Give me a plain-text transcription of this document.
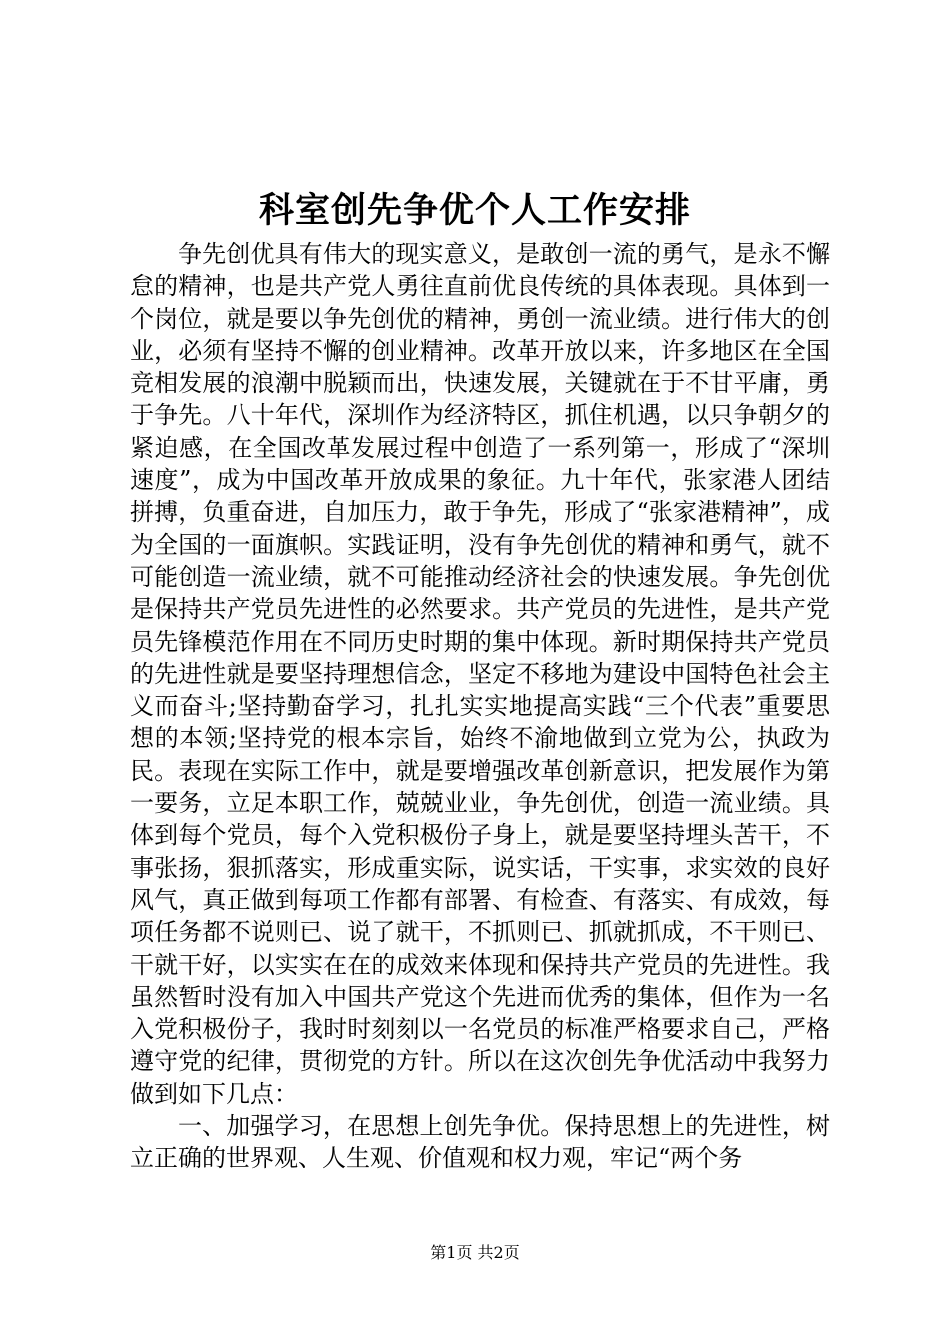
科室创先争优个人工作安排

争先创优具有伟大的现实意义，是敢创一流的勇气，是永不懈怠的精神，也是共产党人勇往直前优良传统的具体表现。具体到一个岗位，就是要以争先创优的精神，勇创一流业绩。进行伟大的创业，必须有坚持不懈的创业精神。改革开放以来，许多地区在全国竞相发展的浪潮中脱颖而出，快速发展，关键就在于不甘平庸，勇于争先。八十年代，深圳作为经济特区，抓住机遇，以只争朝夕的紧迫感，在全国改革发展过程中创造了一系列第一，形成了“深圳速度”，成为中国改革开放成果的象征。九十年代，张家港人团结拼搏，负重奋进，自加压力，敢于争先，形成了“张家港精神”，成为全国的一面旗帜。实践证明，没有争先创优的精神和勇气，就不可能创造一流业绩，就不可能推动经济社会的快速发展。争先创优是保持共产党员先进性的必然要求。共产党员的先进性，是共产党员先锋模范作用在不同历史时期的集中体现。新时期保持共产党员的先进性就是要坚持理想信念，坚定不移地为建设中国特色社会主义而奋斗;坚持勤奋学习，扎扎实实地提高实践“三个代表”重要思想的本领;坚持党的根本宗旨，始终不渝地做到立党为公，执政为民。表现在实际工作中，就是要增强改革创新意识，把发展作为第一要务，立足本职工作，兢兢业业，争先创优，创造一流业绩。具体到每个党员，每个入党积极份子身上，就是要坚持埋头苦干，不事张扬，狠抓落实，形成重实际，说实话，干实事，求实效的良好风气，真正做到每项工作都有部署、有检查、有落实、有成效，每项任务都不说则已、说了就干，不抓则已、抓就抓成，不干则已、干就干好，以实实在在的成效来体现和保持共产党员的先进性。我虽然暂时没有加入中国共产党这个先进而优秀的集体，但作为一名入党积极份子，我时时刻刻以一名党员的标准严格要求自己，严格遵守党的纪律，贯彻党的方针。所以在这次创先争优活动中我努力做到如下几点：

一、加强学习，在思想上创先争优。保持思想上的先进性，树立正确的世界观、人生观、价值观和权力观，牢记“两个务

第1页 共2页
